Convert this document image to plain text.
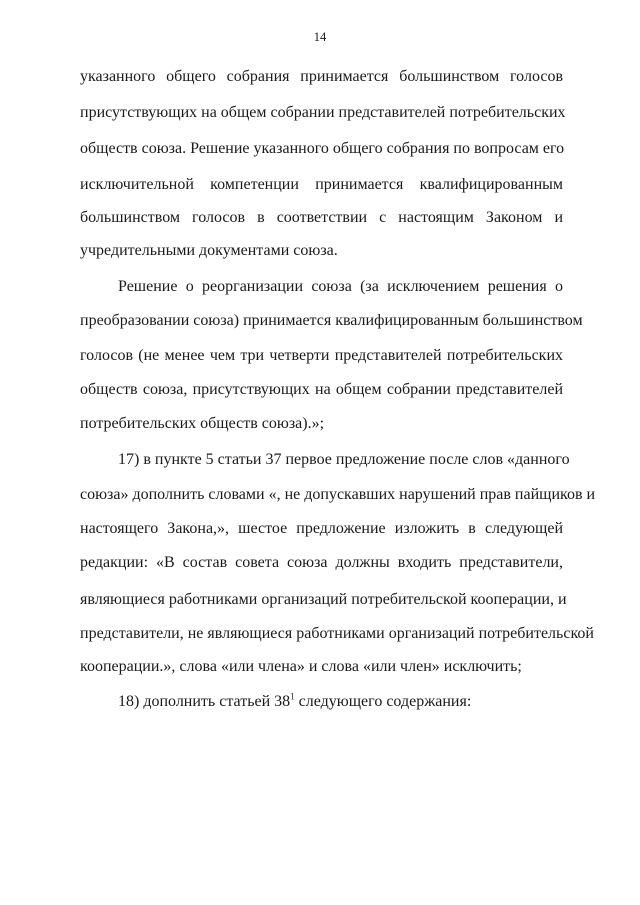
14
указанного общего собрания принимается большинством голосов
присутствующих на общем собрании представителей потребительских
обществ союза. Решение указанного общего собрания по вопросам его
исключительной компетенции принимается квалифицированным
большинством голосов в соответствии с настоящим Законом и
учредительными документами союза.
Решение о реорганизации союза (за исключением решения о
преобразовании союза) принимается квалифицированным большинством
голосов (не менее чем три четверти представителей потребительских
обществ союза, присутствующих на общем собрании представителей
потребительских обществ союза).»;
17) в пункте 5 статьи 37 первое предложение после слов «данного
союза» дополнить словами «, не допускавших нарушений прав пайщиков и
настоящего Закона,», шестое предложение изложить в следующей
редакции: «В состав совета союза должны входить представители,
являющиеся работниками организаций потребительской кооперации, и
представители, не являющиеся работниками организаций потребительской
кооперации.», слова «или члена» и слова «или член» исключить;
18) дополнить статьей $38^1$ следующего содержания:
